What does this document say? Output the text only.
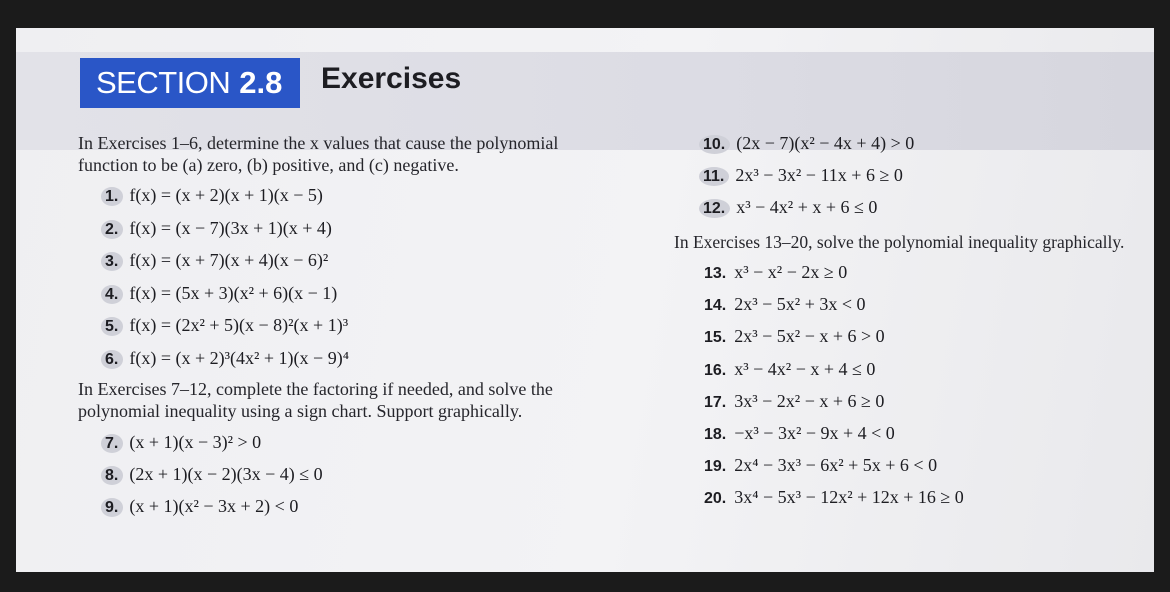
SECTION 2.8 Exercises
In Exercises 1–6, determine the x values that cause the polynomial
function to be (a) zero, (b) positive, and (c) negative.
1. f(x) = (x + 2)(x + 1)(x − 5)
2. f(x) = (x − 7)(3x + 1)(x + 4)
3. f(x) = (x + 7)(x + 4)(x − 6)²
4. f(x) = (5x + 3)(x² + 6)(x − 1)
5. f(x) = (2x² + 5)(x − 8)²(x + 1)³
6. f(x) = (x + 2)³(4x² + 1)(x − 9)⁴
In Exercises 7–12, complete the factoring if needed, and solve the
polynomial inequality using a sign chart. Support graphically.
7. (x + 1)(x − 3)² > 0
8. (2x + 1)(x − 2)(3x − 4) ≤ 0
9. (x + 1)(x² − 3x + 2) < 0
10. (2x − 7)(x² − 4x + 4) > 0
11. 2x³ − 3x² − 11x + 6 ≥ 0
12. x³ − 4x² + x + 6 ≤ 0
In Exercises 13–20, solve the polynomial inequality graphically.
13. x³ − x² − 2x ≥ 0
14. 2x³ − 5x² + 3x < 0
15. 2x³ − 5x² − x + 6 > 0
16. x³ − 4x² − x + 4 ≤ 0
17. 3x³ − 2x² − x + 6 ≥ 0
18. −x³ − 3x² − 9x + 4 < 0
19. 2x⁴ − 3x³ − 6x² + 5x + 6 < 0
20. 3x⁴ − 5x³ − 12x² + 12x + 16 ≥ 0
